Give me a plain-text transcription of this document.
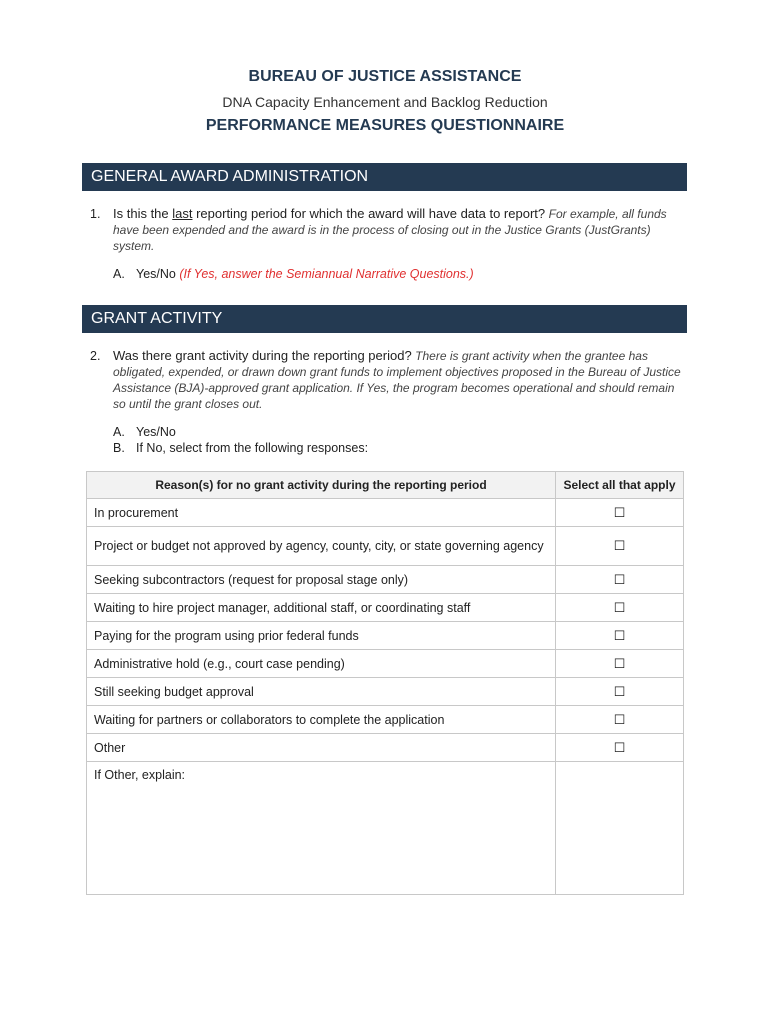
BUREAU OF JUSTICE ASSISTANCE
DNA Capacity Enhancement and Backlog Reduction
PERFORMANCE MEASURES QUESTIONNAIRE
GENERAL AWARD ADMINISTRATION
1. Is this the last reporting period for which the award will have data to report? For example, all funds have been expended and the award is in the process of closing out in the Justice Grants (JustGrants) system.
A. Yes/No (If Yes, answer the Semiannual Narrative Questions.)
GRANT ACTIVITY
2. Was there grant activity during the reporting period? There is grant activity when the grantee has obligated, expended, or drawn down grant funds to implement objectives proposed in the Bureau of Justice Assistance (BJA)-approved grant application. If Yes, the program becomes operational and should remain so until the grant closes out.
A. Yes/No
B. If No, select from the following responses:
Reason(s) for no grant activity during the reporting period	Select all that apply
In procurement	☐
Project or budget not approved by agency, county, city, or state governing agency	☐
Seeking subcontractors (request for proposal stage only)	☐
Waiting to hire project manager, additional staff, or coordinating staff	☐
Paying for the program using prior federal funds	☐
Administrative hold (e.g., court case pending)	☐
Still seeking budget approval	☐
Waiting for partners or collaborators to complete the application	☐
Other	☐
If Other, explain:	
